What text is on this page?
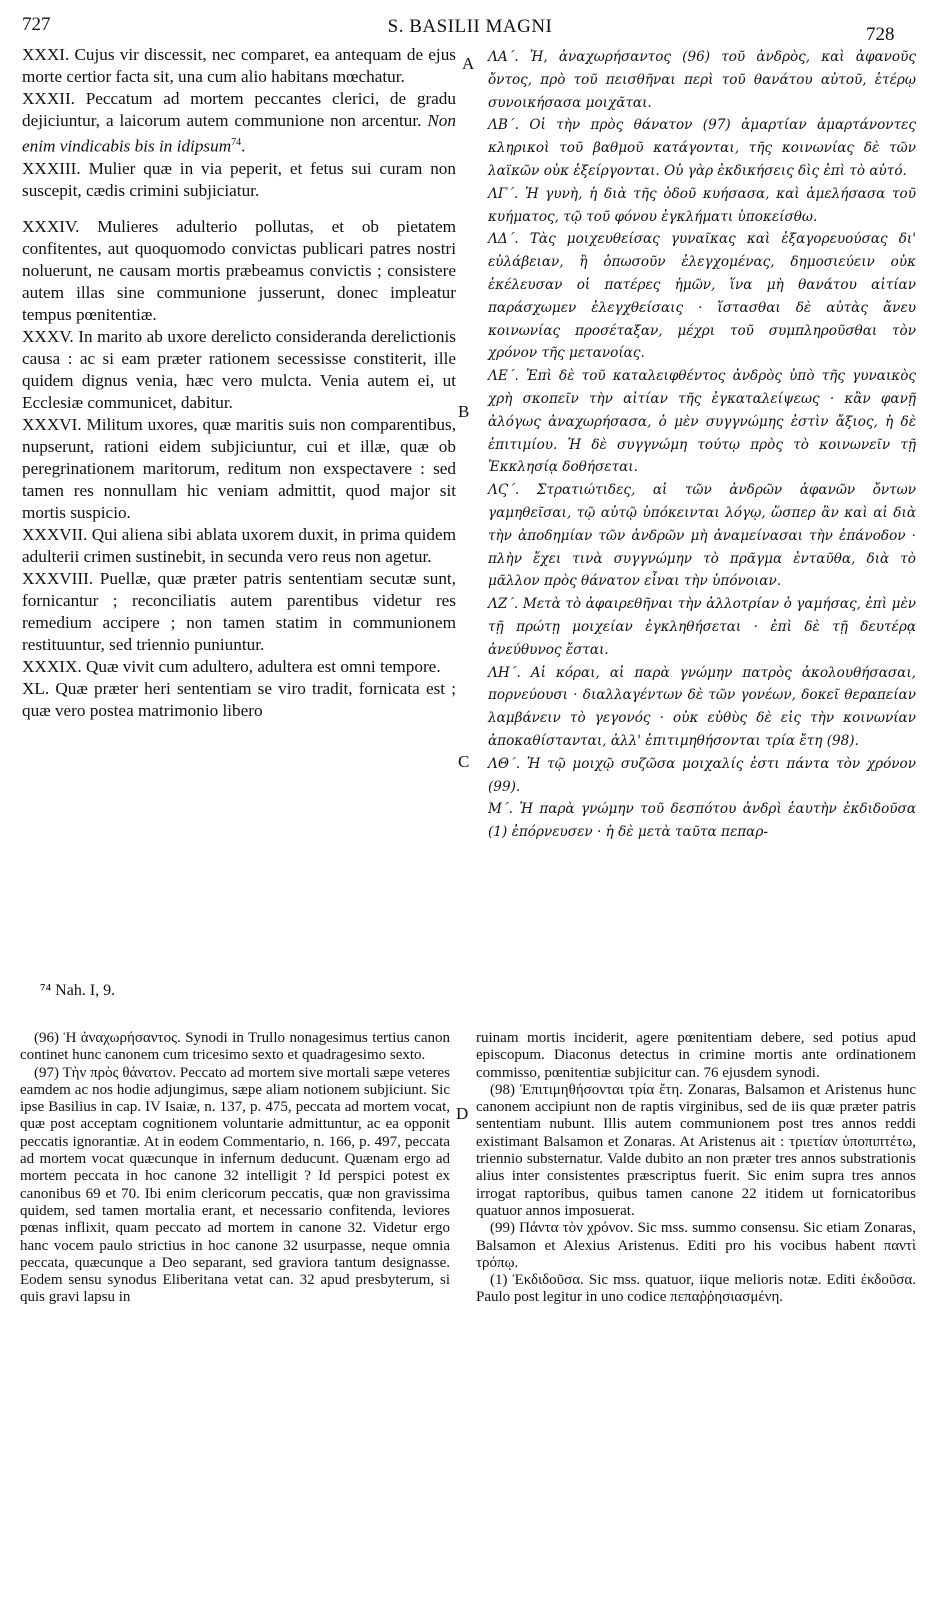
727	S. BASILII MAGNI	728
A
B
C
D

XXXI. Cujus vir discessit, nec comparet, ea antequam de ejus morte certior facta sit, una cum alio habitans mœchatur.

XXXII. Peccatum ad mortem peccantes clerici, de gradu dejiciuntur, a laicorum autem communione non arcentur. Non enim vindicabis bis in idipsum$^{74}$.

XXXIII. Mulier quæ in via peperit, et fetus sui curam non suscepit, cædis crimini subjiciatur.

XXXIV. Mulieres adulterio pollutas, et ob pietatem confitentes, aut quoquomodo convictas publicari patres nostri noluerunt, ne causam mortis præbeamus convictis ; consistere autem illas sine communione jusserunt, donec impleatur tempus pœnitentiæ.

XXXV. In marito ab uxore derelicto consideranda derelictionis causa : ac si eam præter rationem secessisse constiterit, ille quidem dignus venia, hæc vero mulcta. Venia autem ei, ut Ecclesiæ communicet, dabitur.

XXXVI. Militum uxores, quæ maritis suis non comparentibus, nupserunt, rationi eidem subjiciuntur, cui et illæ, quæ ob peregrinationem maritorum, reditum non exspectavere : sed tamen res nonnullam hic veniam admittit, quod major sit mortis suspicio.

XXXVII. Qui aliena sibi ablata uxorem duxit, in prima quidem adulterii crimen sustinebit, in secunda vero reus non agetur.

XXXVIII. Puellæ, quæ præter patris sententiam secutæ sunt, fornicantur ; reconciliatis autem parentibus videtur res remedium accipere ; non tamen statim in communionem restituuntur, sed triennio puniuntur.

XXXIX. Quæ vivit cum adultero, adultera est omni tempore.

XL. Quæ præter heri sententiam se viro tradit, fornicata est ; quæ vero postea matrimonio libero

ΛΑ΄. Ἡ, ἀναχωρήσαντος (96) τοῦ ἀνδρὸς, καὶ ἀφανοῦς ὄντος, πρὸ τοῦ πεισθῆναι περὶ τοῦ θανάτου αὐτοῦ, ἑτέρῳ συνοικήσασα μοιχᾶται.

ΛΒ΄. Οἱ τὴν πρὸς θάνατον (97) ἁμαρτίαν ἁμαρτάνοντες κληρικοὶ τοῦ βαθμοῦ κατάγονται, τῆς κοινωνίας δὲ τῶν λαϊκῶν οὐκ ἐξείργονται. Οὐ γὰρ ἐκδικήσεις δὶς ἐπὶ τὸ αὐτό.

ΛΓ΄. Ἡ γυνὴ, ἡ διὰ τῆς ὁδοῦ κυήσασα, καὶ ἀμελήσασα τοῦ κυήματος, τῷ τοῦ φόνου ἐγκλήματι ὑποκείσθω.

ΛΔ΄. Τὰς μοιχευθείσας γυναῖκας καὶ ἐξαγορευούσας δι' εὐλάβειαν, ἢ ὁπωσοῦν ἐλεγχομένας, δημοσιεύειν οὐκ ἐκέλευσαν οἱ πατέρες ἡμῶν, ἵνα μὴ θανάτου αἰτίαν παράσχωμεν ἐλεγχθείσαις · ἵστασθαι δὲ αὐτὰς ἄνευ κοινωνίας προσέταξαν, μέχρι τοῦ συμπληροῦσθαι τὸν χρόνον τῆς μετανοίας.

ΛΕ΄. Ἐπὶ δὲ τοῦ καταλειφθέντος ἀνδρὸς ὑπὸ τῆς γυναικὸς χρὴ σκοπεῖν τὴν αἰτίαν τῆς ἐγκαταλείψεως · κἂν φανῇ ἀλόγως ἀναχωρήσασα, ὁ μὲν συγγνώμης ἐστὶν ἄξιος, ἡ δὲ ἐπιτιμίου. Ἡ δὲ συγγνώμη τούτῳ πρὸς τὸ κοινωνεῖν τῇ Ἐκκλησίᾳ δοθήσεται.

ΛϚ΄. Στρατιώτιδες, αἱ τῶν ἀνδρῶν ἀφανῶν ὄντων γαμηθεῖσαι, τῷ αὐτῷ ὑπόκεινται λόγῳ, ὥσπερ ἂν καὶ αἱ διὰ τὴν ἀποδημίαν τῶν ἀνδρῶν μὴ ἀναμείνασαι τὴν ἐπάνοδον · πλὴν ἔχει τινὰ συγγνώμην τὸ πρᾶγμα ἐνταῦθα, διὰ τὸ μᾶλλον πρὸς θάνατον εἶναι τὴν ὑπόνοιαν.

ΛΖ΄. Μετὰ τὸ ἀφαιρεθῆναι τὴν ἀλλοτρίαν ὁ γαμήσας, ἐπὶ μὲν τῇ πρώτῃ μοιχείαν ἐγκληθήσεται · ἐπὶ δὲ τῇ δευτέρᾳ ἀνεύθυνος ἔσται.

ΛΗ΄. Αἱ κόραι, αἱ παρὰ γνώμην πατρὸς ἀκολουθήσασαι, πορνεύουσι · διαλλαγέντων δὲ τῶν γονέων, δοκεῖ θεραπείαν λαμβάνειν τὸ γεγονός · οὐκ εὐθὺς δὲ εἰς τὴν κοινωνίαν ἀποκαθίστανται, ἀλλ' ἐπιτιμηθήσονται τρία ἔτη (98).

ΛΘ΄. Ἡ τῷ μοιχῷ συζῶσα μοιχαλίς ἐστι πάντα τὸν χρόνον (99).

Μ΄. Ἡ παρὰ γνώμην τοῦ δεσπότου ἀνδρὶ ἑαυτὴν ἐκδιδοῦσα (1) ἐπόρνευσεν · ἡ δὲ μετὰ ταῦτα πεπαρ-

⁷⁴ Nah. I, 9.

(96) Ἡ ἀναχωρήσαντος. Synodi in Trullo nonagesimus tertius canon continet hunc canonem cum tricesimo sexto et quadragesimo sexto.

(97) Τὴν πρὸς θάνατον. Peccato ad mortem sive mortali sæpe veteres eamdem ac nos hodie adjungimus, sæpe aliam notionem subjiciunt. Sic ipse Basilius in cap. IV Isaiæ, n. 137, p. 475, peccata ad mortem vocat, quæ post acceptam cognitionem voluntarie admittuntur, ac ea opponit peccatis ignorantiæ. At in eodem Commentario, n. 166, p. 497, peccata ad mortem vocat quæcunque in infernum deducunt. Quænam ergo ad mortem peccata in hoc canone 32 intelligit ? Id perspici potest ex canonibus 69 et 70. Ibi enim clericorum peccatis, quæ non gravissima quidem, sed tamen mortalia erant, et necessario confitenda, leviores pœnas inflixit, quam peccato ad mortem in canone 32. Videtur ergo hanc vocem paulo strictius in hoc canone 32 usurpasse, neque omnia peccata, quæcunque a Deo separant, sed graviora tantum designasse. Eodem sensu synodus Eliberitana vetat can. 32 apud presbyterum, si quis gravi lapsu in

ruinam mortis inciderit, agere pœnitentiam debere, sed potius apud episcopum. Diaconus detectus in crimine mortis ante ordinationem commisso, pœnitentiæ subjicitur can. 76 ejusdem synodi.

(98) Ἐπιτιμηθήσονται τρία ἔτη. Zonaras, Balsamon et Aristenus hunc canonem accipiunt non de raptis virginibus, sed de iis quæ præter patris sententiam nubunt. Illis autem communionem post tres annos reddi existimant Balsamon et Zonaras. At Aristenus ait : τριετίαν ὑποπιπτέτω, triennio substernatur. Valde dubito an non præter tres annos substrationis alius inter consistentes præscriptus fuerit. Sic enim supra tres annos irrogat raptoribus, quibus tamen canone 22 itidem ut fornicatoribus quatuor annos imposuerat.

(99) Πάντα τὸν χρόνον. Sic mss. summo consensu. Sic etiam Zonaras, Balsamon et Alexius Aristenus. Editi pro his vocibus habent παντὶ τρόπῳ.

(1) Ἐκδιδοῦσα. Sic mss. quatuor, iique melioris notæ. Editi ἐκδοῦσα. Paulo post legitur in uno codice πεπαῤῥησιασμένη.
